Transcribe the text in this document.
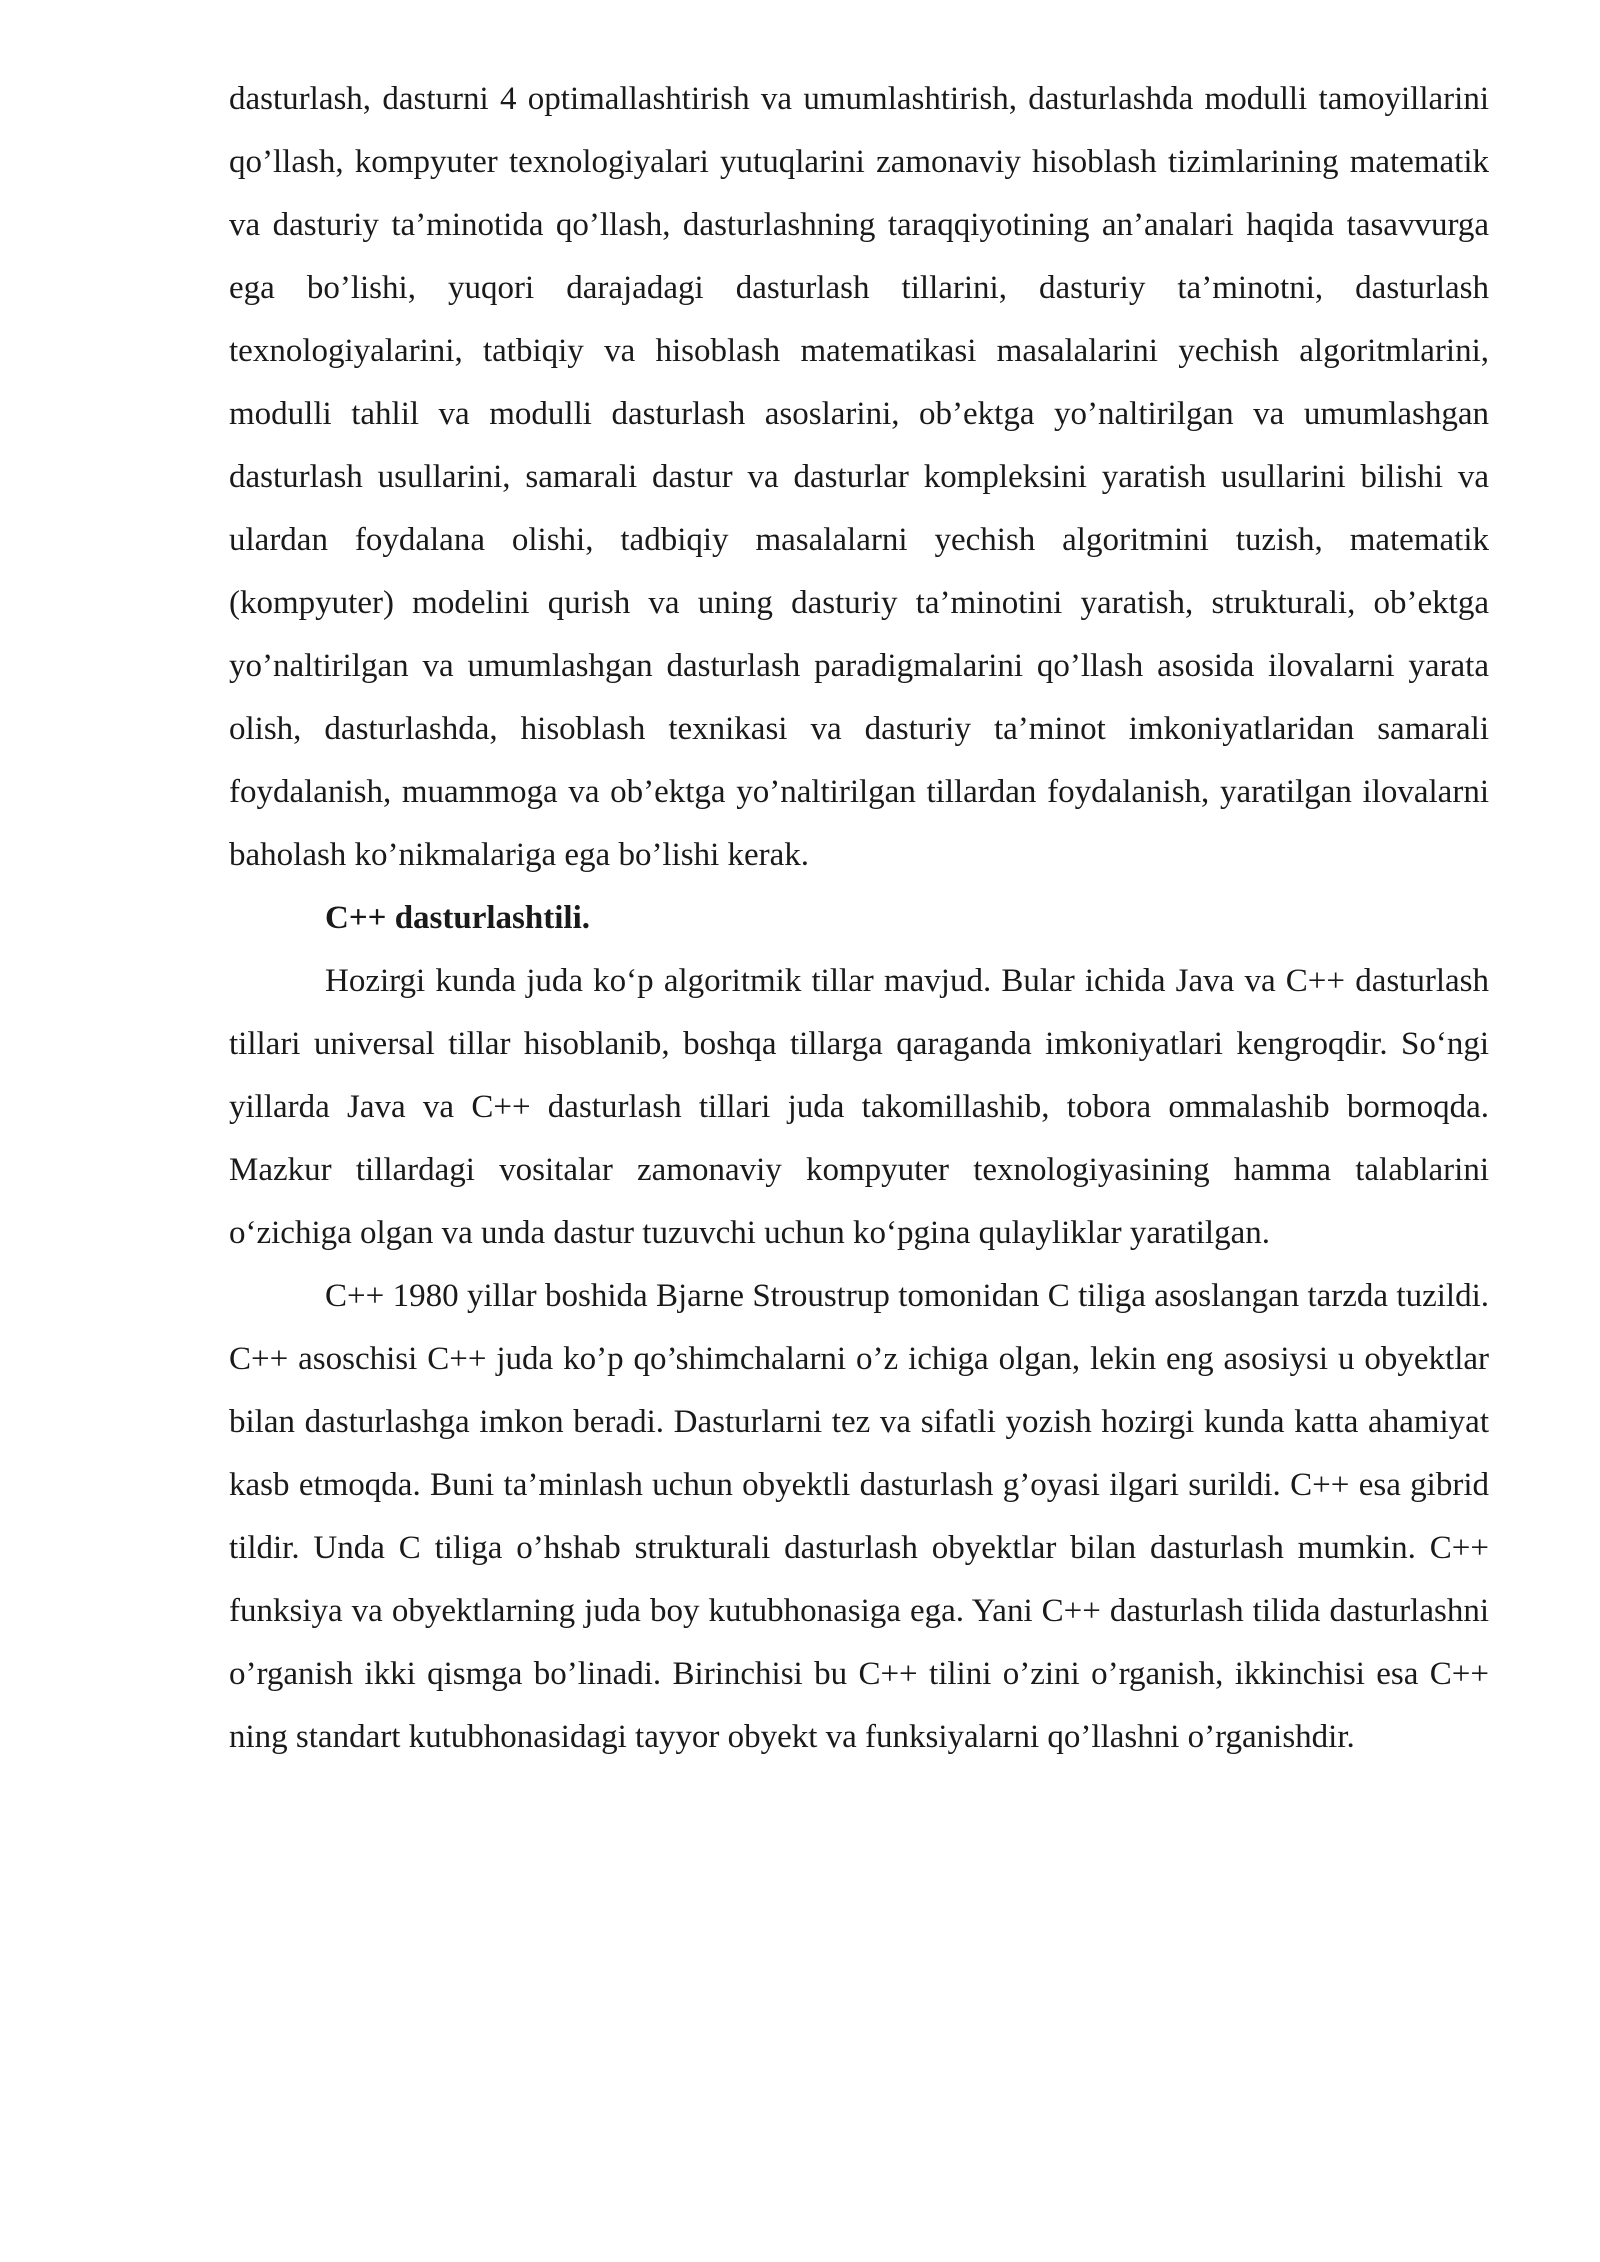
dasturlash, dasturni 4 optimallashtirish va umumlashtirish, dasturlashda modulli tamoyillarini qo’llash, kompyuter texnologiyalari yutuqlarini zamonaviy hisoblash tizimlarining matematik va dasturiy ta’minotida qo’llash, dasturlashning taraqqiyotining an’analari haqida tasavvurga ega bo’lishi, yuqori darajadagi dasturlash tillarini, dasturiy ta’minotni, dasturlash texnologiyalarini, tatbiqiy va hisoblash matematikasi masalalarini yechish algoritmlarini, modulli tahlil va modulli dasturlash asoslarini, ob’ektga yo’naltirilgan va umumlashgan dasturlash usullarini, samarali dastur va dasturlar kompleksini yaratish usullarini bilishi va ulardan foydalana olishi, tadbiqiy masalalarni yechish algoritmini tuzish, matematik (kompyuter) modelini qurish va uning dasturiy ta’minotini yaratish, strukturali, ob’ektga yo’naltirilgan va umumlashgan dasturlash paradigmalarini qo’llash asosida ilovalarni yarata olish, dasturlashda, hisoblash texnikasi va dasturiy ta’minot imkoniyatlaridan samarali foydalanish, muammoga va ob’ektga yo’naltirilgan tillardan foydalanish, yaratilgan ilovalarni baholash ko’nikmalariga ega bo’lishi kerak.

C++ dasturlashtili.

Hozirgi kunda juda ko‘p algoritmik tillar mavjud. Bular ichida Java va C++ dasturlash tillari universal tillar hisoblanib, boshqa tillarga qaraganda imkoniyatlari kengroqdir. So‘ngi yillarda Java va C++ dasturlash tillari juda takomillashib, tobora ommalashib bormoqda. Mazkur tillardagi vositalar zamonaviy kompyuter texnologiyasining hamma talablarini o‘zichiga olgan va unda dastur tuzuvchi uchun ko‘pgina qulayliklar yaratilgan.

C++ 1980 yillar boshida Bjarne Stroustrup tomonidan C tiliga asoslangan tarzda tuzildi. C++ asoschisi C++ juda ko’p qo’shimchalarni o’z ichiga olgan, lekin eng asosiysi u obyektlar bilan dasturlashga imkon beradi. Dasturlarni tez va sifatli yozish hozirgi kunda katta ahamiyat kasb etmoqda. Buni ta’minlash uchun obyektli dasturlash g’oyasi ilgari surildi. C++ esa gibrid tildir. Unda C tiliga o’hshab strukturali dasturlash obyektlar bilan dasturlash mumkin. C++ funksiya va obyektlarning juda boy kutubhonasiga ega. Yani C++ dasturlash tilida dasturlashni o’rganish ikki qismga bo’linadi. Birinchisi bu C++ tilini o’zini o’rganish, ikkinchisi esa C++ ning standart kutubhonasidagi tayyor obyekt va funksiyalarni qo’llashni o’rganishdir.
